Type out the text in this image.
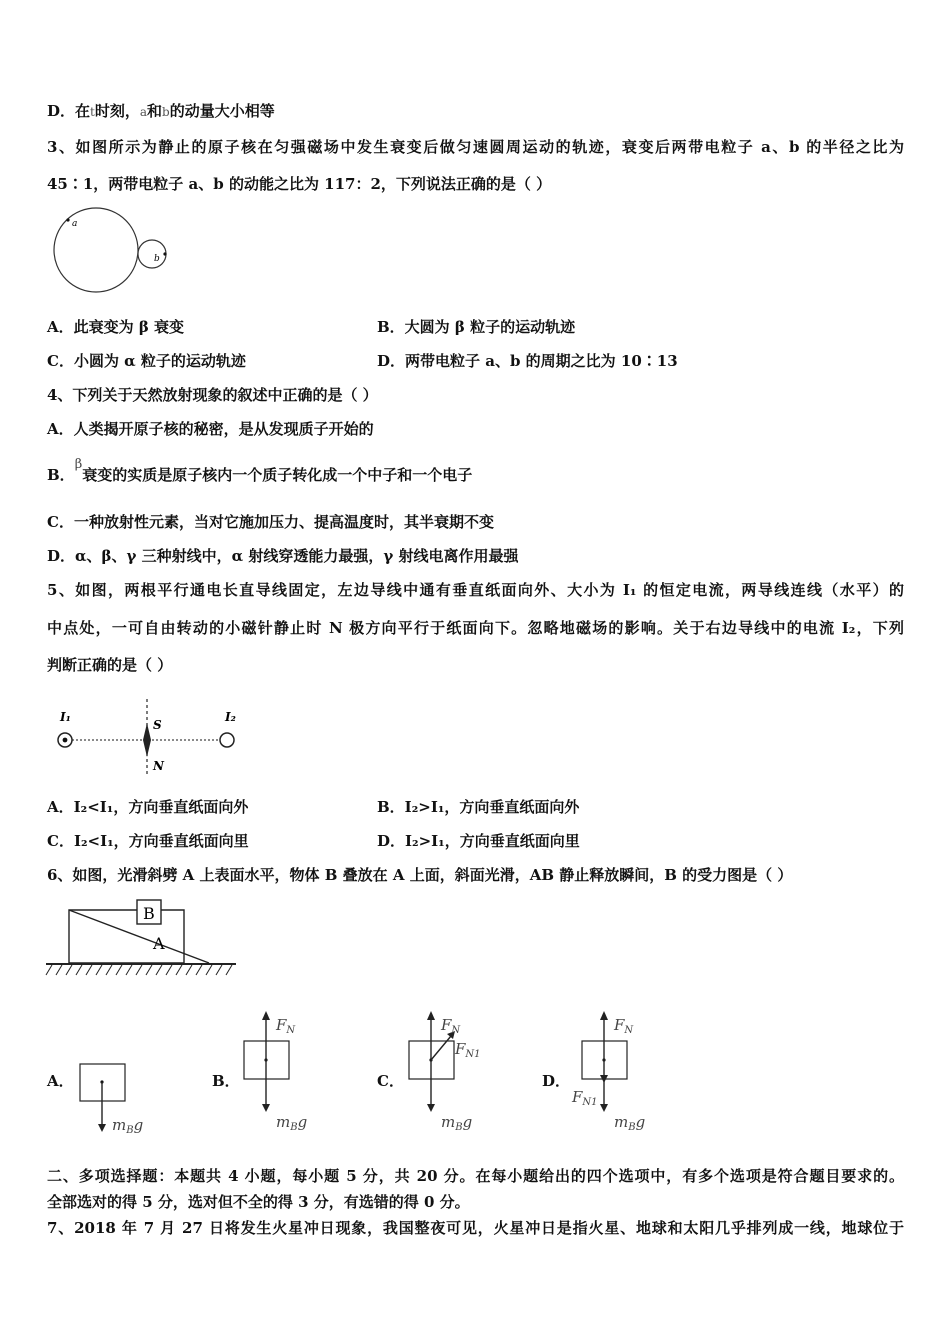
D．在t时刻，a和b的动量大小相等
3、如图所示为静止的原子核在匀强磁场中发生衰变后做匀速圆周运动的轨迹，衰变后两带电粒子 a、b 的半径之比为
45∶1，两带电粒子 a、b 的动能之比为 117：2，下列说法正确的是（ ）
a
b
A．此衰变为 β 衰变	B．大圆为 β 粒子的运动轨迹
C．小圆为 α 粒子的运动轨迹	D．两带电粒子 a、b 的周期之比为 10∶13
4、下列关于天然放射现象的叙述中正确的是（ ）
A．人类揭开原子核的秘密，是从发现质子开始的
B．β衰变的实质是原子核内一个质子转化成一个中子和一个电子
C．一种放射性元素，当对它施加压力、提高温度时，其半衰期不变
D．α、β、γ 三种射线中，α 射线穿透能力最强，γ 射线电离作用最强
5、如图，两根平行通电长直导线固定，左边导线中通有垂直纸面向外、大小为 I₁ 的恒定电流，两导线连线（水平）的
中点处，一可自由转动的小磁针静止时 N 极方向平行于纸面向下。忽略地磁场的影响。关于右边导线中的电流 I₂，下列
判断正确的是（ ）
I₁	I₂
S
N
A．I₂<I₁，方向垂直纸面向外	B．I₂>I₁，方向垂直纸面向外
C．I₂<I₁，方向垂直纸面向里	D．I₂>I₁，方向垂直纸面向里
6、如图，光滑斜劈 A 上表面水平，物体 B 叠放在 A 上面，斜面光滑，AB 静止释放瞬间，B 的受力图是（ ）
B
A
A．	B．	C．	D．
$m_Bg$
$F_N$
$m_Bg$
$F_N$
$F_{N1}$
$m_Bg$
$F_N$
$F_{N1}$
$m_Bg$
二、多项选择题：本题共 4 小题，每小题 5 分，共 20 分。在每小题给出的四个选项中，有多个选项是符合题目要求的。
全部选对的得 5 分，选对但不全的得 3 分，有选错的得 0 分。
7、2018 年 7 月 27 日将发生火星冲日现象，我国整夜可见，火星冲日是指火星、地球和太阳几乎排列成一线，地球位于
